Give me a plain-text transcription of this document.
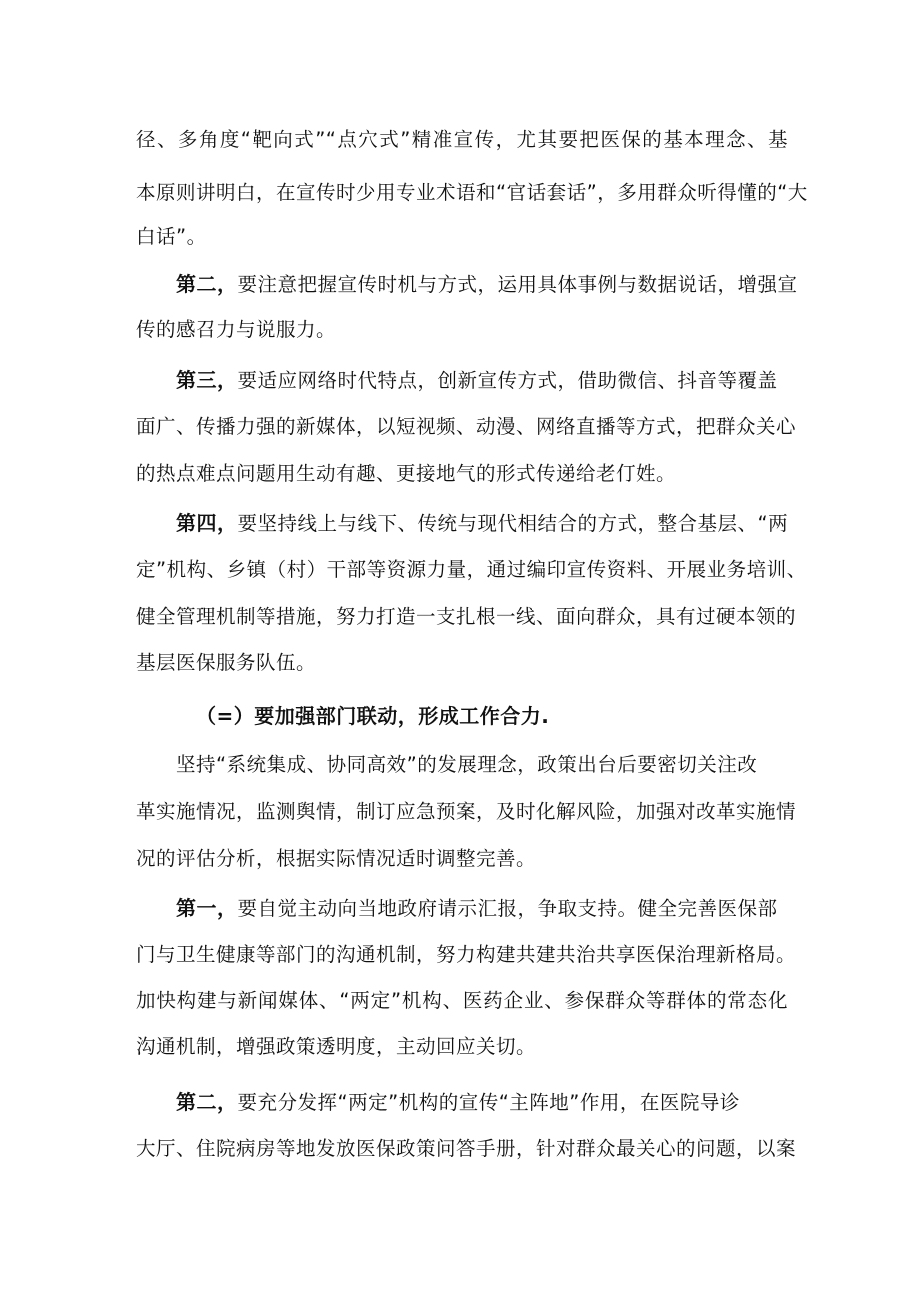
径、多角度“靶向式”“点穴式”精准宣传，尤其要把医保的基本理念、基
本原则讲明白，在宣传时少用专业术语和“官话套话”，多用群众听得懂的“大
白话”。
第二，要注意把握宣传时机与方式，运用具体事例与数据说话，增强宣
传的感召力与说服力。
第三，要适应网络时代特点，创新宣传方式，借助微信、抖音等覆盖
面广、传播力强的新媒体，以短视频、动漫、网络直播等方式，把群众关心
的热点难点问题用生动有趣、更接地气的形式传递给老仃姓。
第四，要坚持线上与线下、传统与现代相结合的方式，整合基层、“两
定”机构、乡镇（村）干部等资源力量，通过编印宣传资料、开展业务培训、
健全管理机制等措施，努力打造一支扎根一线、面向群众，具有过硬本领的
基层医保服务队伍。
（=）要加强部门联动，形成工作合力.
坚持“系统集成、协同高效”的发展理念，政策出台后要密切关注改
革实施情况，监测舆情，制订应急预案，及时化解风险，加强对改革实施情
况的评估分析，根据实际情况适时调整完善。
第一，要自觉主动向当地政府请示汇报，争取支持。健全完善医保部
门与卫生健康等部门的沟通机制，努力构建共建共治共享医保治理新格局。
加快构建与新闻媒体、“两定”机构、医药企业、参保群众等群体的常态化
沟通机制，增强政策透明度，主动回应关切。
第二，要充分发挥“两定”机构的宣传“主阵地”作用，在医院导诊
大厅、住院病房等地发放医保政策问答手册，针对群众最关心的问题，以案
